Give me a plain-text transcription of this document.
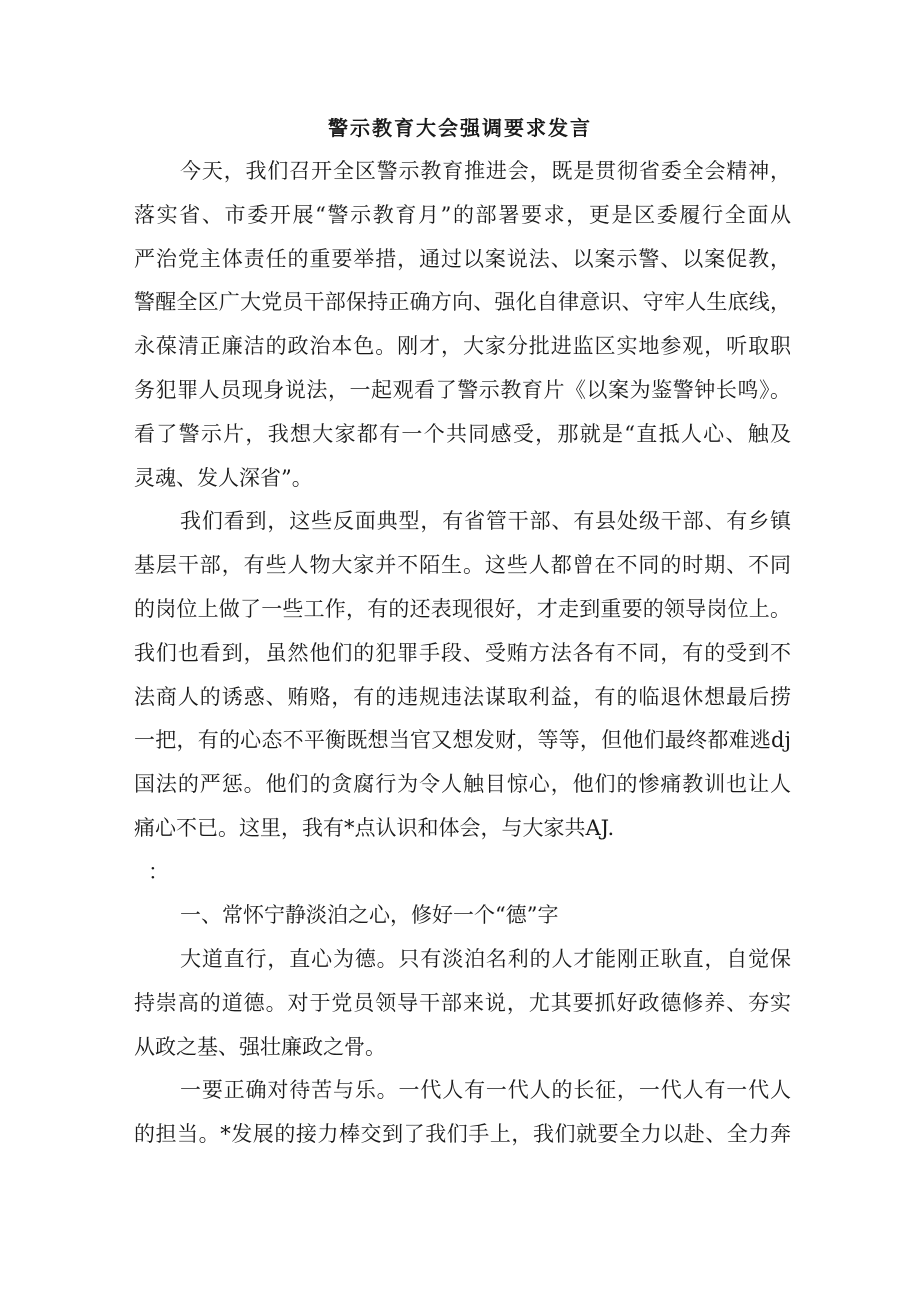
警示教育大会强调要求发言
今天，我们召开全区警示教育推进会，既是贯彻省委全会精神，
落实省、市委开展“警示教育月”的部署要求，更是区委履行全面从
严治党主体责任的重要举措，通过以案说法、以案示警、以案促教，
警醒全区广大党员干部保持正确方向、强化自律意识、守牢人生底线，
永葆清正廉洁的政治本色。刚才，大家分批进监区实地参观，听取职
务犯罪人员现身说法，一起观看了警示教育片《以案为鉴警钟长鸣》。
看了警示片，我想大家都有一个共同感受，那就是“直抵人心、触及
灵魂、发人深省”。
我们看到，这些反面典型，有省管干部、有县处级干部、有乡镇
基层干部，有些人物大家并不陌生。这些人都曾在不同的时期、不同
的岗位上做了一些工作，有的还表现很好，才走到重要的领导岗位上。
我们也看到，虽然他们的犯罪手段、受贿方法各有不同，有的受到不
法商人的诱惑、贿赂，有的违规违法谋取利益，有的临退休想最后捞
一把，有的心态不平衡既想当官又想发财，等等，但他们最终都难逃dj
国法的严惩。他们的贪腐行为令人触目惊心，他们的惨痛教训也让人
痛心不已。这里，我有*点认识和体会，与大家共AJ.
：
一、常怀宁静淡泊之心，修好一个“德”字
大道直行，直心为德。只有淡泊名利的人才能刚正耿直，自觉保
持崇高的道德。对于党员领导干部来说，尤其要抓好政德修养、夯实
从政之基、强壮廉政之骨。
一要正确对待苦与乐。一代人有一代人的长征，一代人有一代人
的担当。*发展的接力棒交到了我们手上，我们就要全力以赴、全力奔
